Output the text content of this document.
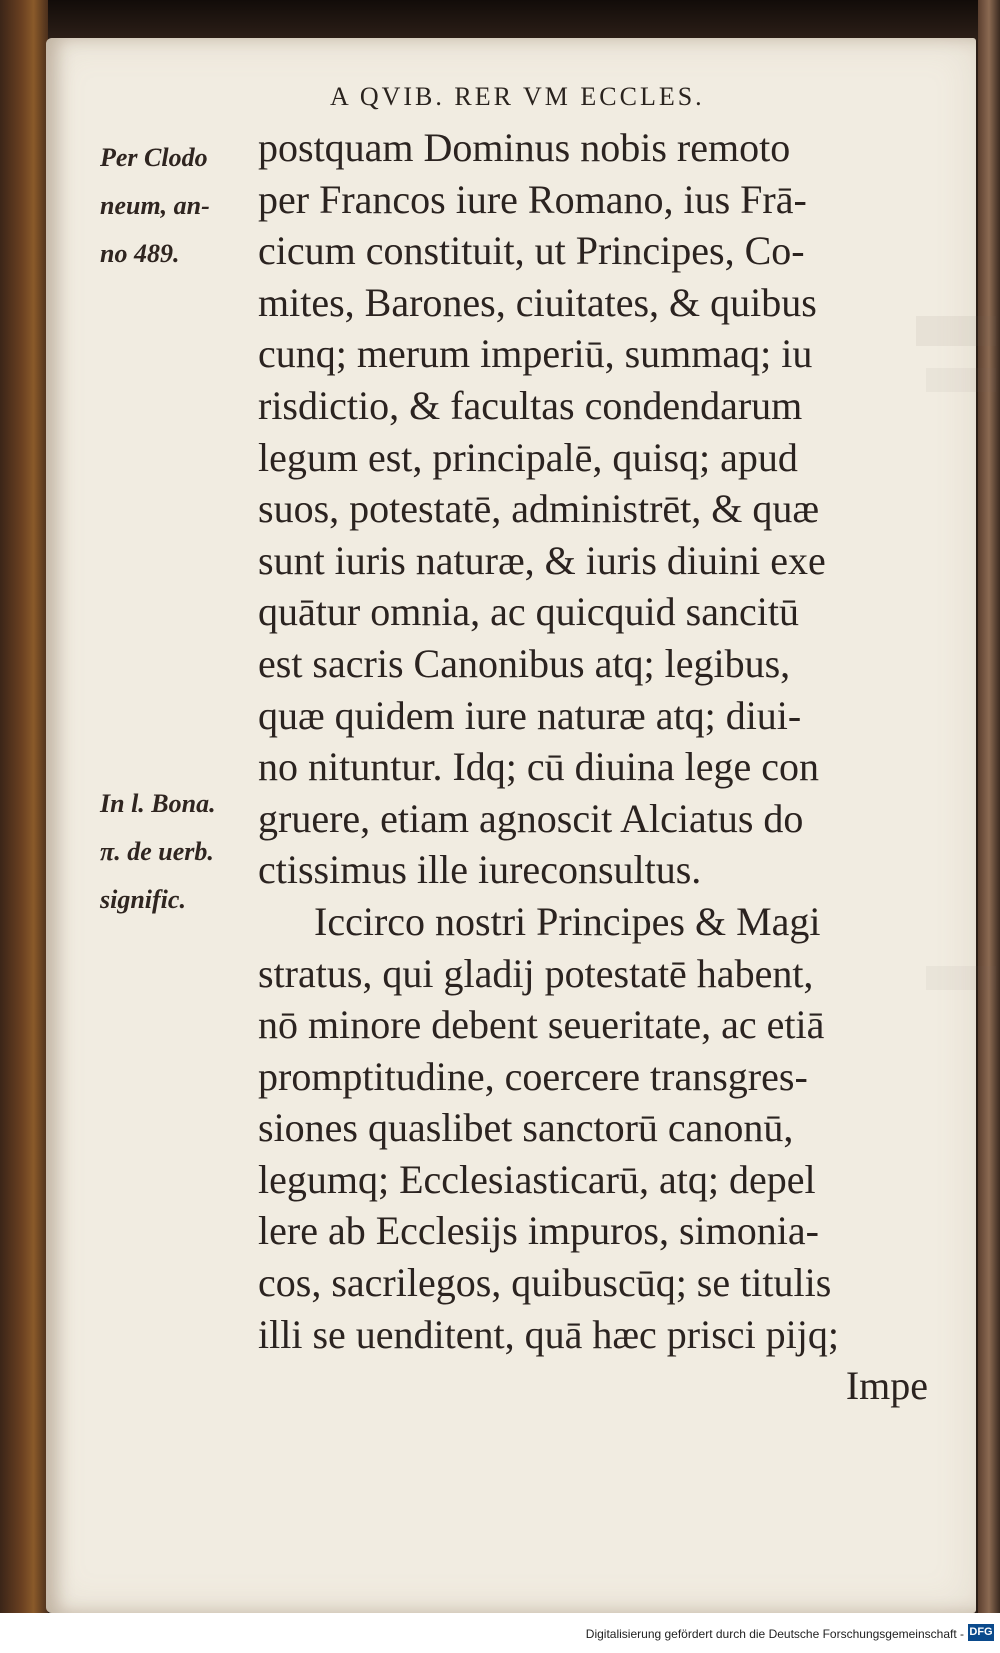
A QVIB. RER VM ECCLES.
Per Clodo
neum, an-
no 489.
In l. Bona.
π. de uerb.
signific.
postquam Dominus nobis remoto
per Francos iure Romano, ius Frā-
cicum constituit, ut Principes, Co-
mites, Barones, ciuitates, & quibus
cunq; merum imperiū, summaq; iu
risdictio, & facultas condendarum
legum est, principalē, quisq; apud
suos, potestatē, administrēt, & quæ
sunt iuris naturæ, & iuris diuini exe
quātur omnia, ac quicquid sancitū
est sacris Canonibus atq; legibus,
quæ quidem iure naturæ atq; diui-
no nituntur. Idq; cū diuina lege con
gruere, etiam agnoscit Alciatus do
ctissimus ille iureconsultus.
Iccirco nostri Principes & Magi
stratus, qui gladij potestatē habent,
nō minore debent seueritate, ac etiā
promptitudine, coercere transgres-
siones quaslibet sanctorū canonū,
legumq; Ecclesiasticarū, atq; depel
lere ab Ecclesijs impuros, simonia-
cos, sacrilegos, quibuscūq; se titulis
illi se uenditent, quā hæc prisci pijq;
Impe
Digitalisierung gefördert durch die Deutsche Forschungsgemeinschaft - DFG
